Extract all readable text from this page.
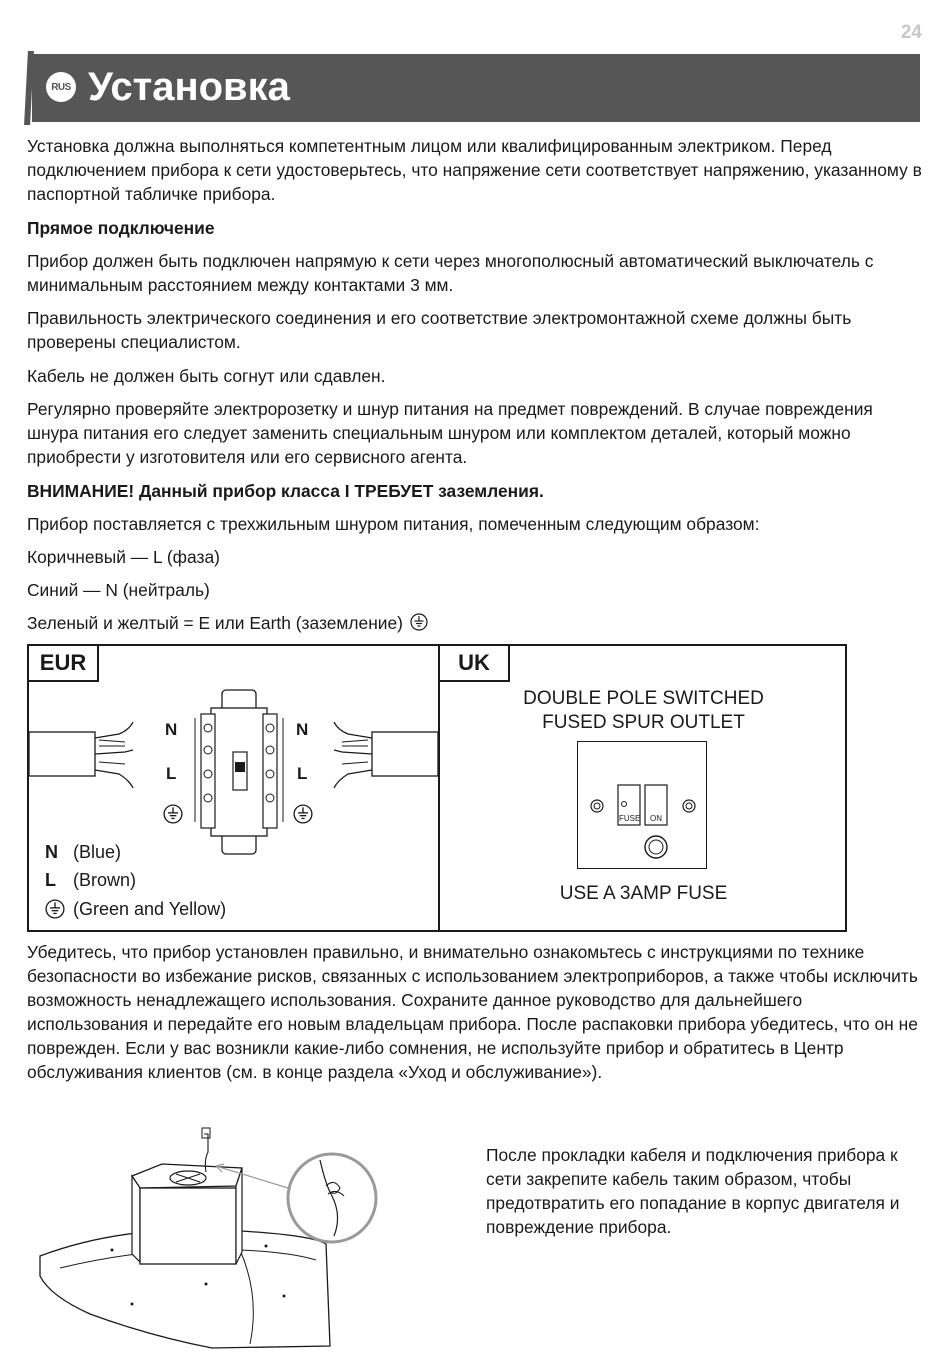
24
RUS Установка

Установка должна выполняться компетентным лицом или квалифицированным электриком. Перед подключением прибора к сети удостоверьтесь, что напряжение сети соответствует напряжению, указанному в паспортной табличке прибора.

Прямое подключение

Прибор должен быть подключен напрямую к сети через многополюсный автоматический выключатель с минимальным расстоянием между контактами 3 мм.

Правильность электрического соединения и его соответствие электромонтажной схеме должны быть проверены специалистом.

Кабель не должен быть согнут или сдавлен.

Регулярно проверяйте электророзетку и шнур питания на предмет повреждений. В случае повреждения шнура питания его следует заменить специальным шнуром или комплектом деталей, который можно приобрести у изготовителя или его сервисного агента.

ВНИМАНИЕ! Данный прибор класса I ТРЕБУЕТ заземления.

Прибор поставляется с трехжильным шнуром питания, помеченным следующим образом:

Коричневый — L (фаза)

Синий — N (нейтраль)

Зеленый и желтый = E или Earth (заземление)

EUR
N
L
N
L
N (Blue)
L (Brown)
(Green and Yellow)
UK
DOUBLE POLE SWITCHED
FUSED SPUR OUTLET
FUSE ON
USE A 3AMP FUSE

Убедитесь, что прибор установлен правильно, и внимательно ознакомьтесь с инструкциями по технике безопасности во избежание рисков, связанных с использованием электроприборов, а также чтобы исключить возможность ненадлежащего использования. Сохраните данное руководство для дальнейшего использования и передайте его новым владельцам прибора. После распаковки прибора убедитесь, что он не поврежден. Если у вас возникли какие-либо сомнения, не используйте прибор и обратитесь в Центр обслуживания клиентов (см. в конце раздела «Уход и обслуживание»).

После прокладки кабеля и подключения прибора к сети закрепите кабель таким образом, чтобы предотвратить его попадание в корпус двигателя и повреждение прибора.
